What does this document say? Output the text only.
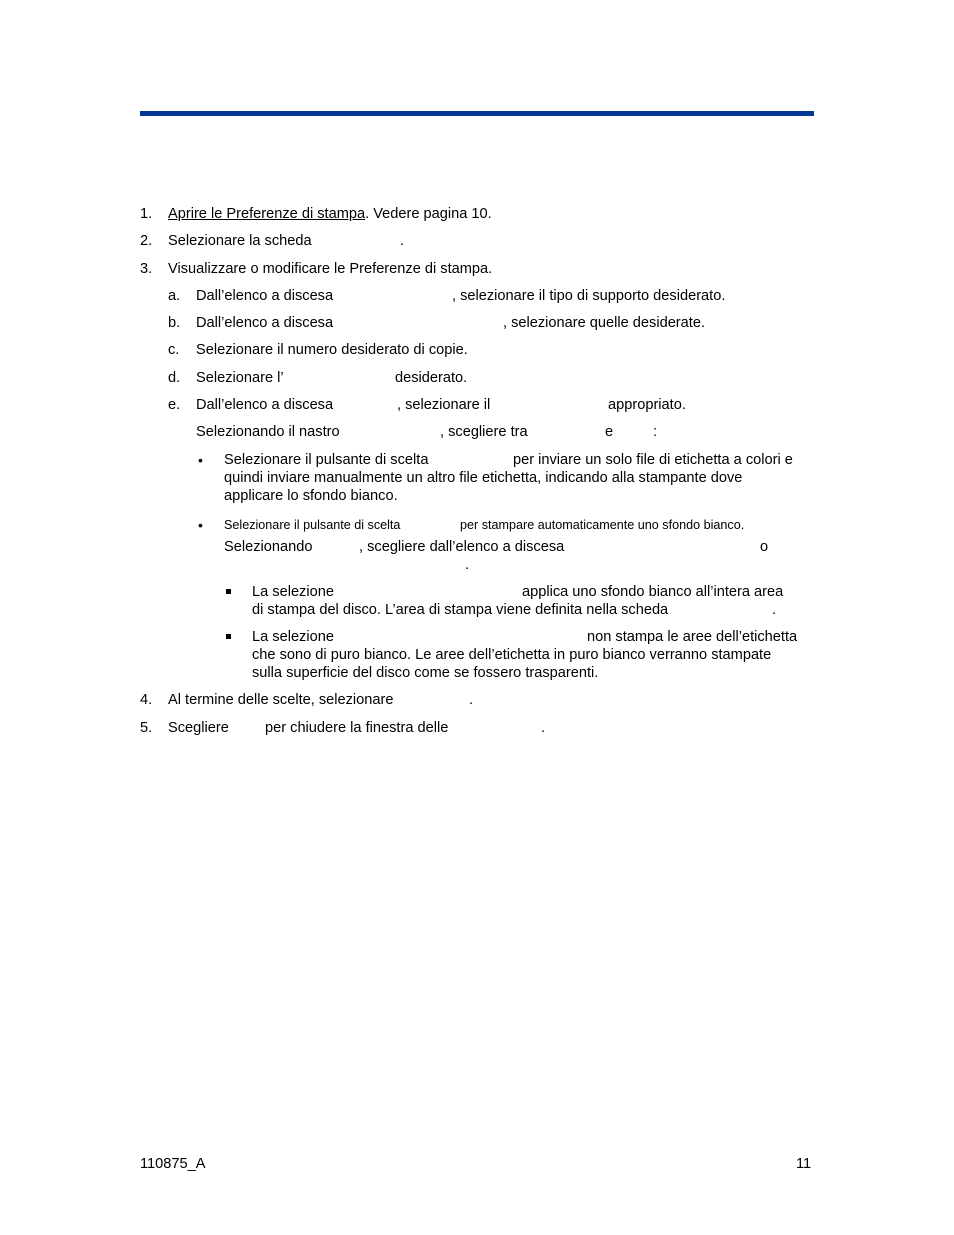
1. Aprire le Preferenze di stampa. Vedere pagina 10.
2. Selezionare la scheda	.
3. Visualizzare o modificare le Preferenze di stampa.
a. Dall’elenco a discesa	, selezionare il tipo di supporto desiderato.
b. Dall’elenco a discesa	, selezionare quelle desiderate.
c. Selezionare il numero desiderato di copie.
d. Selezionare l’	desiderato.
e. Dall’elenco a discesa	, selezionare il	appropriato.
Selezionando il nastro	, scegliere tra	e	:
• Selezionare il pulsante di scelta	per inviare un solo file di etichetta a colori e
quindi inviare manualmente un altro file etichetta, indicando alla stampante dove
applicare lo sfondo bianco.
• Selezionare il pulsante di scelta	per stampare automaticamente uno sfondo bianco.
Selezionando	, scegliere dall’elenco a discesa	o
.
La selezione	applica uno sfondo bianco all’intera area
di stampa del disco. L’area di stampa viene definita nella scheda	.
La selezione	non stampa le aree dell’etichetta
che sono di puro bianco. Le aree dell’etichetta in puro bianco verranno stampate
sulla superficie del disco come se fossero trasparenti.
4. Al termine delle scelte, selezionare	.
5. Scegliere per chiudere la finestra delle	.
110875_A	11
